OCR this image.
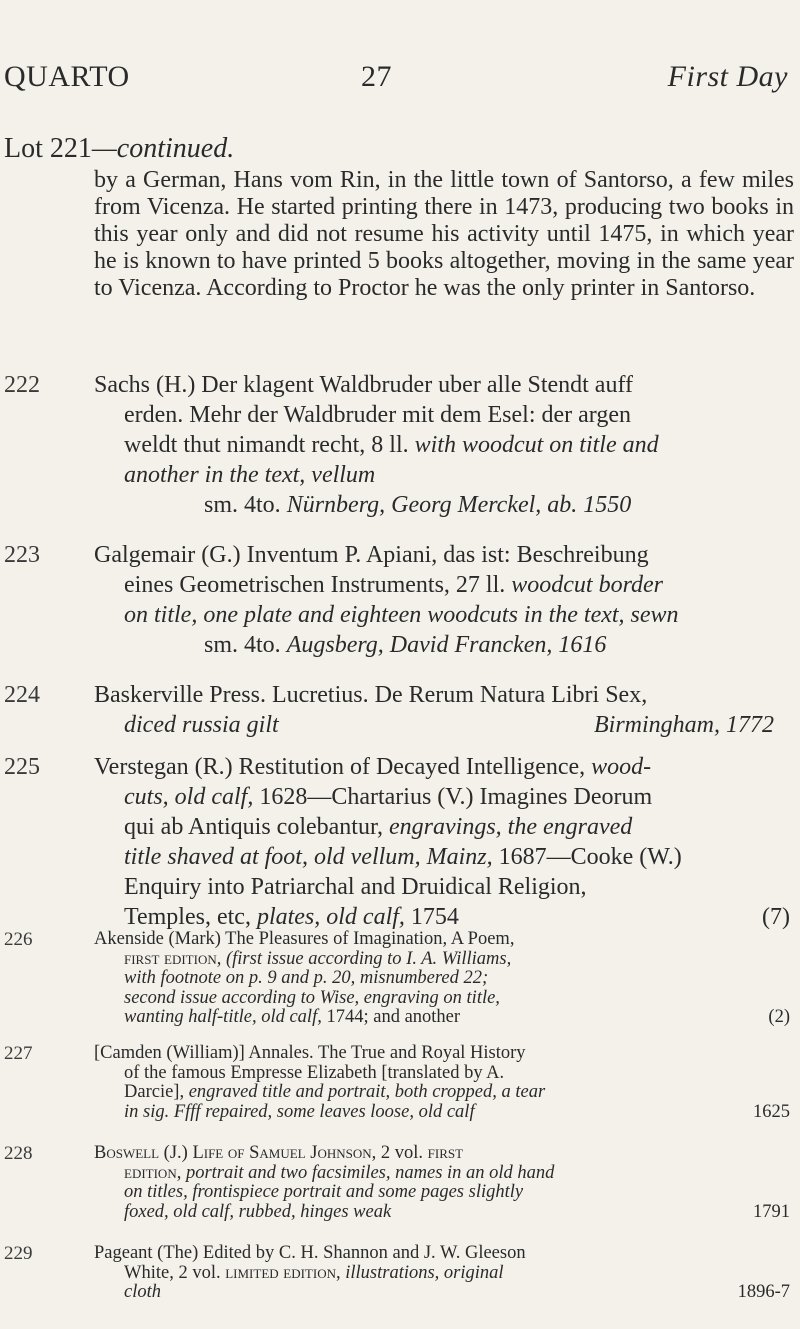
QUARTO	27	First Day
Lot 221—continued.
by a German, Hans vom Rin, in the little town of Santorso, a few miles from Vicenza. He started printing there in 1473, producing two books in this year only and did not resume his activity until 1475, in which year he is known to have printed 5 books altogether, moving in the same year to Vicenza. According to Proctor he was the only printer in Santorso.
222 Sachs (H.) Der klagent Waldbruder uber alle Stendt auff

erden. Mehr der Waldbruder mit dem Esel: der argen

weldt thut nimandt recht, 8 ll. with woodcut on title and

another in the text, vellum

sm. 4to. Nürnberg, Georg Merckel, ab. 1550

223 Galgemair (G.) Inventum P. Apiani, das ist: Beschreibung

eines Geometrischen Instruments, 27 ll. woodcut border

on title, one plate and eighteen woodcuts in the text, sewn

sm. 4to. Augsberg, David Francken, 1616

224 Baskerville Press. Lucretius. De Rerum Natura Libri Sex,

diced russia gilt	Birmingham, 1772

225 Verstegan (R.) Restitution of Decayed Intelligence, wood-

cuts, old calf, 1628—Chartarius (V.) Imagines Deorum

qui ab Antiquis colebantur, engravings, the engraved

title shaved at foot, old vellum, Mainz, 1687—Cooke (W.)

Enquiry into Patriarchal and Druidical Religion,

Temples, etc, plates, old calf, 1754	(7)

226	Akenside (Mark) The Pleasures of Imagination, A Poem,

first edition, (first issue according to I. A. Williams,

with footnote on p. 9 and p. 20, misnumbered 22;

second issue according to Wise, engraving on title,

wanting half-title, old calf, 1744; and another	(2)

227	[Camden (William)] Annales. The True and Royal History

of the famous Empresse Elizabeth [translated by A.

Darcie], engraved title and portrait, both cropped, a tear

in sig. Ffff repaired, some leaves loose, old calf	1625

228	Boswell (J.) Life of Samuel Johnson, 2 vol. first

edition, portrait and two facsimiles, names in an old hand

on titles, frontispiece portrait and some pages slightly

foxed, old calf, rubbed, hinges weak	1791

229	Pageant (The) Edited by C. H. Shannon and J. W. Gleeson

White, 2 vol. limited edition, illustrations, original

cloth	1896-7
